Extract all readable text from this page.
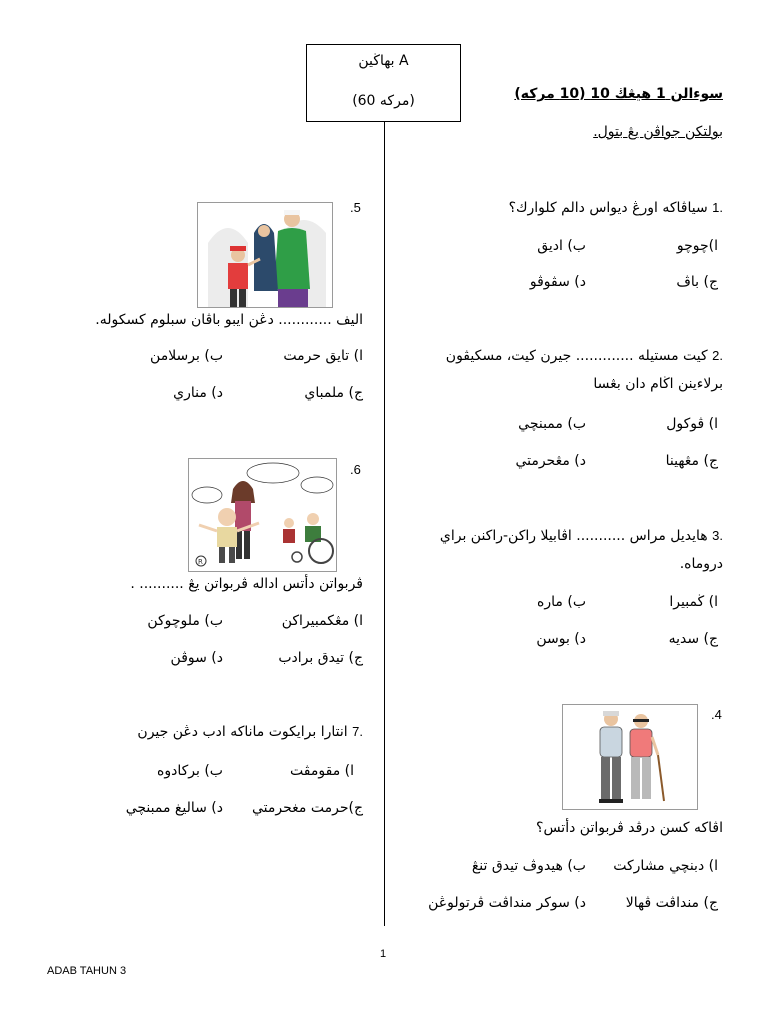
بهاڬين A
(60 مركه)	سوءالن 1 هيڠڬ 10 (10 مركه)
بولتکن جواڤن يڠ بتول.
.1 سياڤاكه اورڠ ديواس دالم كلوارك؟
ا)چوچو
ب) اديق
ج) باڤ
د) سڤوڤو
.2 كيت مستيله ............. جيرن كيت، مسكيڤون
برلاءينن اڬام دان بڠسا
ا) ڤوكول
ب) ممبنچي
ج) مڠهينا
د) مڠحرمتي
.3 هايديل مراس ........... اڤابيلا راكن-راكنن براي
دروماه.
ا) ڬمبيرا
ب) ماره
ج) سديه
د) بوسن
.4
اڤاكه كسن درڤد ڤربواتن دأتس؟
ا) دبنچي مشاركت
ب) هيدوڤ تيدق تنڠ
ج) منداڤت ڤهالا
د) سوكر منداڤت ڤرتولوڠن
.5
اليف ............ دڠن ايبو باڤان سبلوم كسكوله.
ا) تايق حرمت
ب) برسلامن
ج) ملمباي
د) مناري
.6
R
ڤربواتن دأتس اداله ڤربواتن يڠ .......... .
ا) مڠكمبيراكن
ب) ملوچوكن
ج) تيدق برادب
د) سوڤن
.7 انتارا برايكوت ماناكه ادب دڠن جيرن
ا) مقومڤت
ب) بركادوه
ج)حرمت مغحرمتي
د) ساليغ ممبنچي
1
ADAB TAHUN 3
